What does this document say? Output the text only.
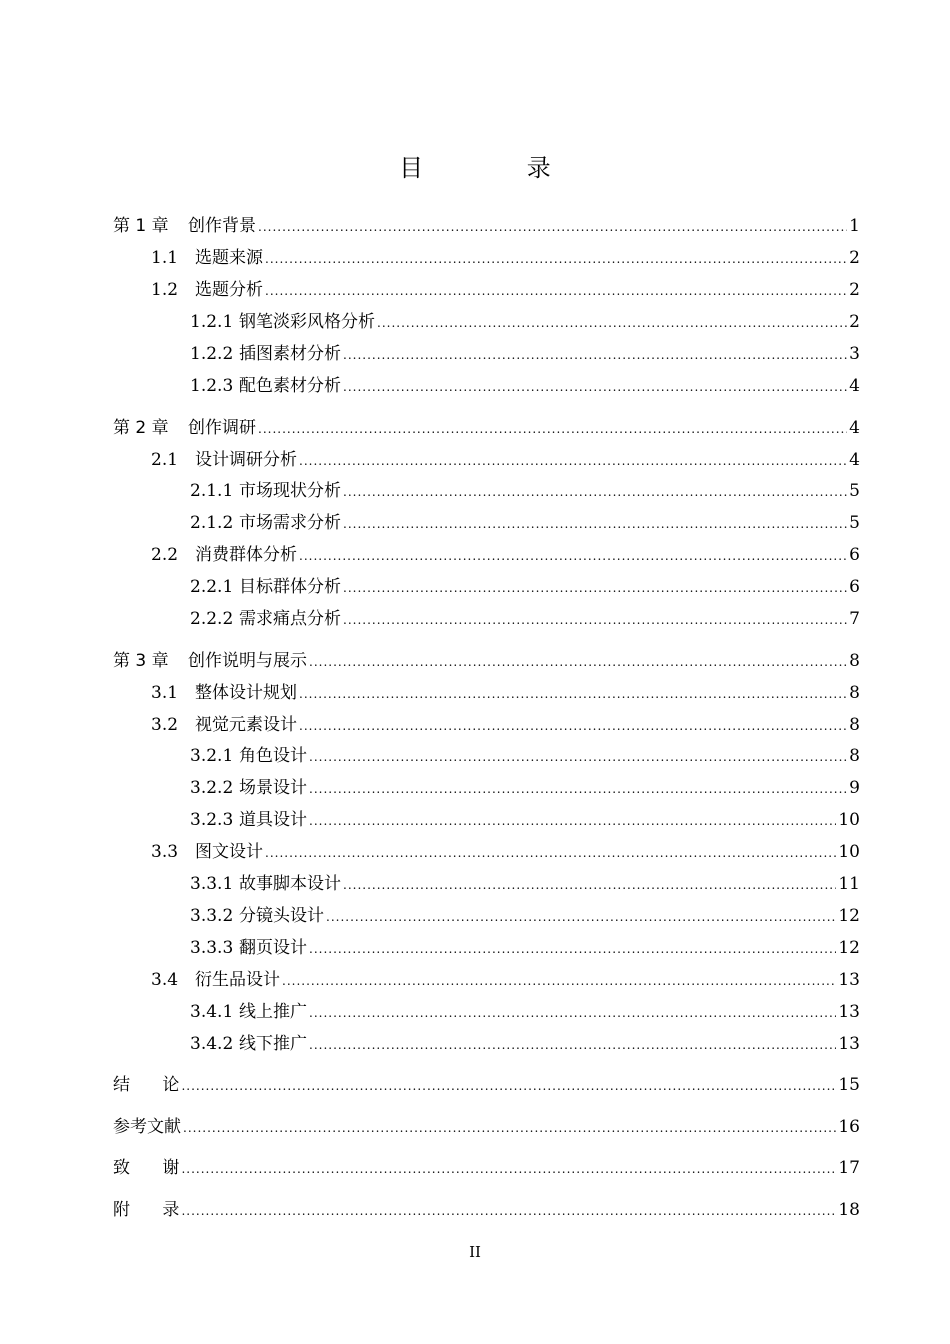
目 录
第 1 章	创作背景 .....	1
1.1 选题来源 .....	2
1.2 选题分析 .....	2
1.2.1 钢笔淡彩风格分析 .....	2
1.2.2 插图素材分析 .....	3
1.2.3 配色素材分析 .....	4
第 2 章	创作调研 .....	4
2.1 设计调研分析 .....	4
2.1.1 市场现状分析 .....	5
2.1.2 市场需求分析 .....	5
2.2 消费群体分析 .....	6
2.2.1 目标群体分析 .....	6
2.2.2 需求痛点分析 .....	7
第 3 章	创作说明与展示 .....	8
3.1 整体设计规划 .....	8
3.2 视觉元素设计 .....	8
3.2.1 角色设计 .....	8
3.2.2 场景设计 .....	9
3.2.3 道具设计 .....	10
3.3 图文设计 .....	10
3.3.1 故事脚本设计 .....	11
3.3.2 分镜头设计 .....	12
3.3.3 翻页设计 .....	12
3.4 衍生品设计 .....	13
3.4.1 线上推广 .....	13
3.4.2 线下推广 .....	13
结      论 .....	15
参考文献 .....	16
致      谢 .....	17
附      录 .....	18
II
